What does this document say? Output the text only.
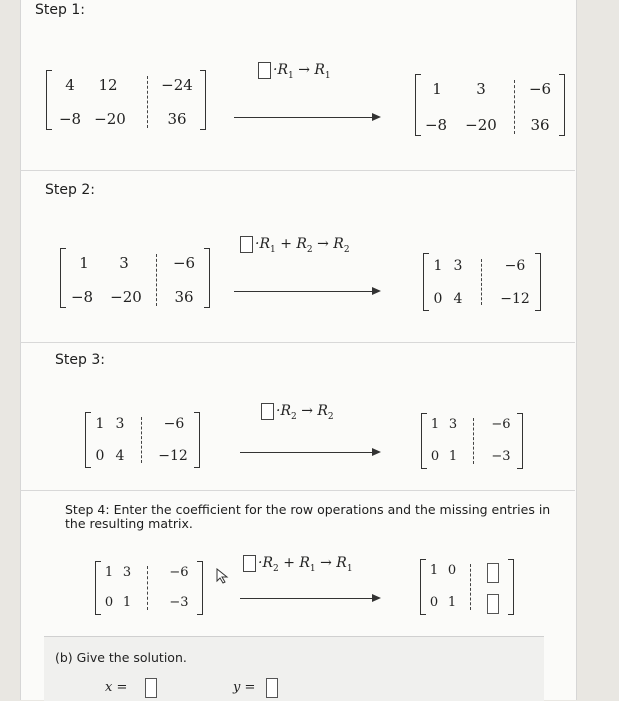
Step 1:
4	12	−24
−8 −20	36
$\cdot R_1 \to R_1$
1	3	−6
−8	−20	36
Step 2:
1	3	−6
−8	−20	36
$\cdot R_1 + R_2 \to R_2$
1 3	−6
0 4	−12
Step 3:
1 3	−6
0 4	−12
$\cdot R_2 \to R_2$
1 3	−6
0 1	−3
Step 4: Enter the coefficient for the row operations and the missing entries in the resulting matrix.
1 3	−6
0 1	−3
$\cdot R_2 + R_1 \to R_1$	1 0
0 1
(b) Give the solution.
x =	y =
